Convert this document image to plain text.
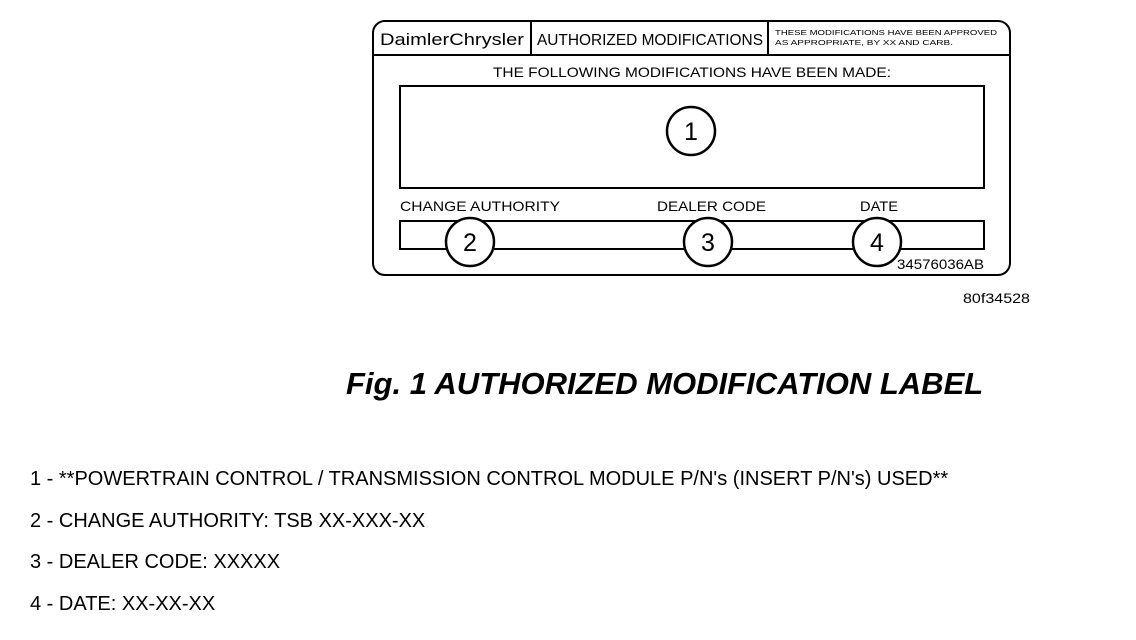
DaimlerChrysler AUTHORIZED MODIFICATIONS THESE MODIFICATIONS HAVE BEEN APPROVED
AS APPROPRIATE, BY XX AND CARB.
THE FOLLOWING MODIFICATIONS HAVE BEEN MADE:
CHANGE AUTHORITY	DEALER CODE	DATE
1
2	3	4
34576036AB
80f34528
Fig. 1 AUTHORIZED MODIFICATION LABEL
1 - **POWERTRAIN CONTROL / TRANSMISSION CONTROL MODULE P/N's (INSERT P/N's) USED**
2 - CHANGE AUTHORITY: TSB XX-XXX-XX
3 - DEALER CODE: XXXXX
4 - DATE: XX-XX-XX
